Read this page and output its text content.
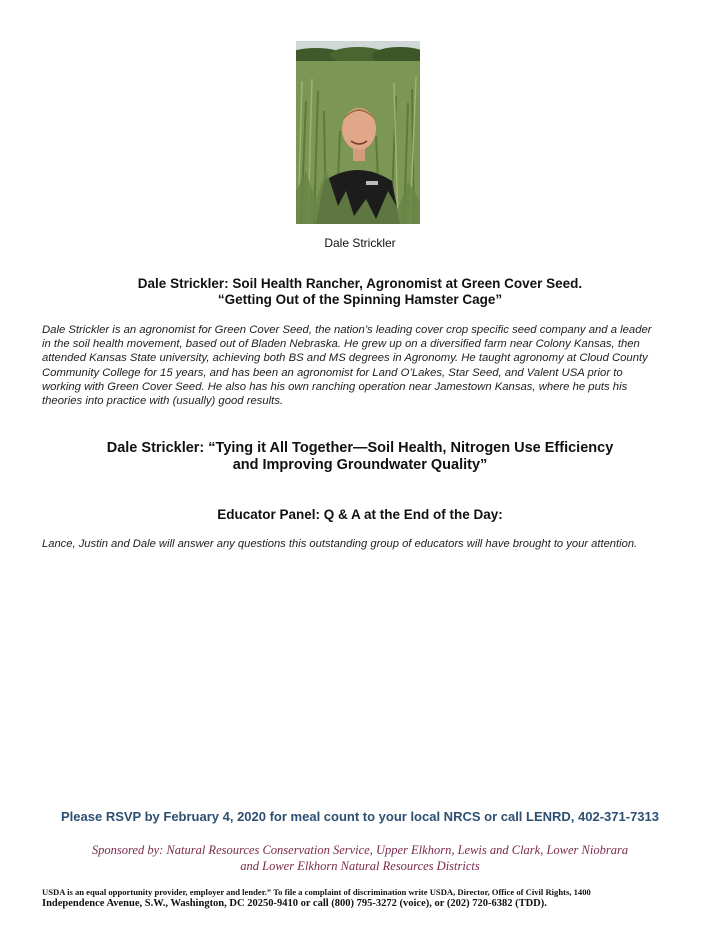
Dale Strickler
Dale Strickler: Soil Health Rancher, Agronomist at Green Cover Seed.
“Getting Out of the Spinning Hamster Cage”
Dale Strickler is an agronomist for Green Cover Seed, the nation’s leading cover crop specific seed company and a leader
in the soil health movement, based out of Bladen Nebraska. He grew up on a diversified farm near Colony Kansas, then
attended Kansas State university, achieving both BS and MS degrees in Agronomy. He taught agronomy at Cloud County
Community College for 15 years, and has been an agronomist for Land O’Lakes, Star Seed, and Valent USA prior to
working with Green Cover Seed. He also has his own ranching operation near Jamestown Kansas, where he puts his
theories into practice with (usually) good results.
Dale Strickler: “Tying it All Together—Soil Health, Nitrogen Use Efficiency
and Improving Groundwater Quality”
Educator Panel: Q & A at the End of the Day:
Lance, Justin and Dale will answer any questions this outstanding group of educators will have brought to your attention.
Please RSVP by February 4, 2020 for meal count to your local NRCS or call LENRD, 402-371-7313
Sponsored by: Natural Resources Conservation Service, Upper Elkhorn, Lewis and Clark, Lower Niobrara
and Lower Elkhorn Natural Resources Districts
USDA is an equal opportunity provider, employer and lender.” To file a complaint of discrimination write USDA, Director, Office of Civil Rights, 1400
Independence Avenue, S.W., Washington, DC 20250-9410 or call (800) 795-3272 (voice), or (202) 720-6382 (TDD).
